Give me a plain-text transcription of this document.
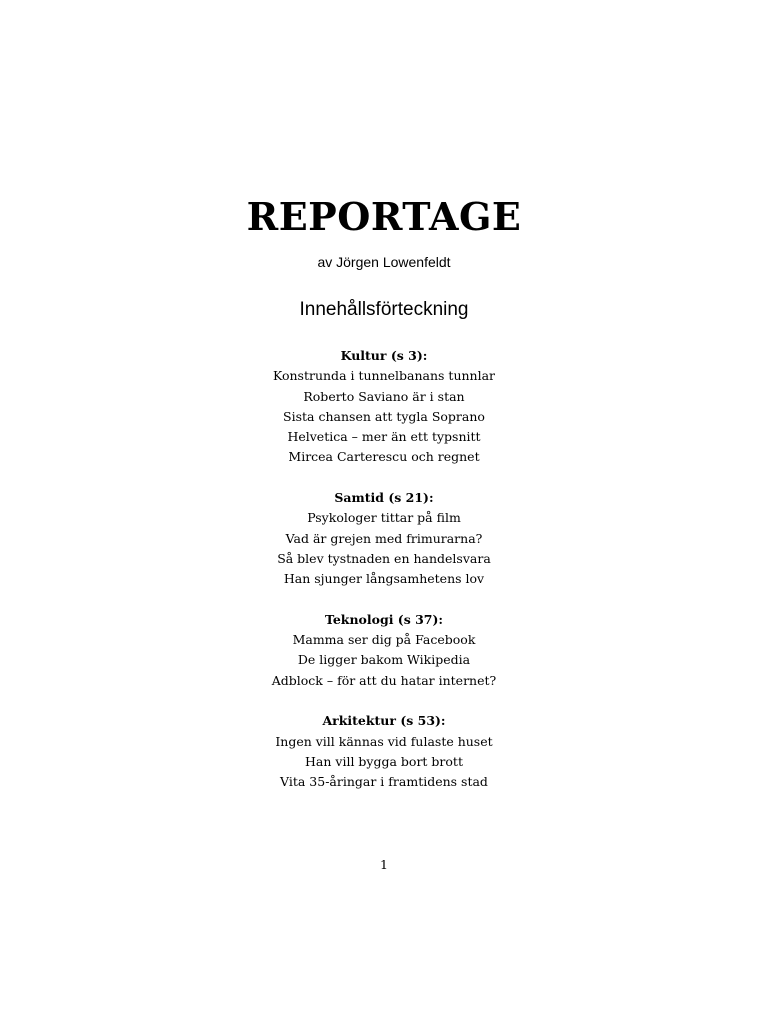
REPORTAGE

av Jörgen Lowenfeldt

Innehållsförteckning

Kultur (s 3):

Konstrunda i tunnelbanans tunnlar

Roberto Saviano är i stan

Sista chansen att tygla Soprano

Helvetica – mer än ett typsnitt

Mircea Carterescu och regnet

Samtid (s 21):

Psykologer tittar på film

Vad är grejen med frimurarna?

Så blev tystnaden en handelsvara

Han sjunger långsamhetens lov

Teknologi (s 37):

Mamma ser dig på Facebook

De ligger bakom Wikipedia

Adblock – för att du hatar internet?

Arkitektur (s 53):

Ingen vill kännas vid fulaste huset

Han vill bygga bort brott

Vita 35-åringar i framtidens stad

1
